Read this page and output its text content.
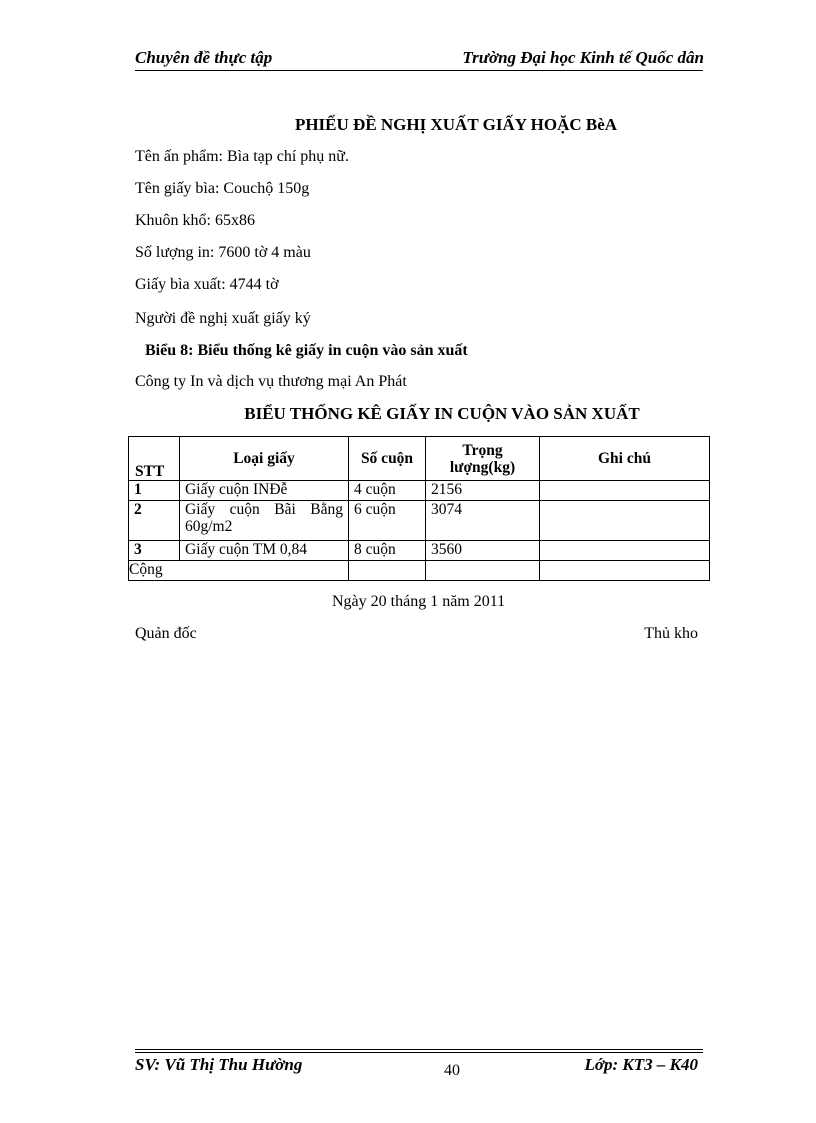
Chuyên đề thực tập	Trường Đại học Kinh tế Quốc dân
PHIẾU ĐỀ NGHỊ XUẤT GIẤY HOẶC BèA
Tên ấn phẩm: Bìa tạp chí phụ nữ.
Tên giấy bìa: Couchộ 150g
Khuôn khổ: 65x86
Số lượng in: 7600 tờ 4 màu
Giấy bìa xuất: 4744 tờ
Người đề nghị xuất giấy ký
Biểu 8: Biểu thống kê giấy in cuộn vào sản xuất
Công ty In và dịch vụ thương mại An Phát
BIỂU THỐNG KÊ GIẤY IN CUỘN VÀO SẢN XUẤT
STT	Loại giấy	Số cuộn	Trọng lượng(kg)	Ghi chú
1	Giấy cuộn INĐễ	4 cuộn	2156	
2	Giấy cuộn Bãi Bằng 60g/m2	6 cuộn	3074	
3	Giấy cuộn TM 0,84	8 cuộn	3560	
Cộng				
Ngày 20 tháng 1 năm 2011
Quản đốc	Thủ kho
SV: Vũ Thị Thu Hường	40	Lớp: KT3 – K40
